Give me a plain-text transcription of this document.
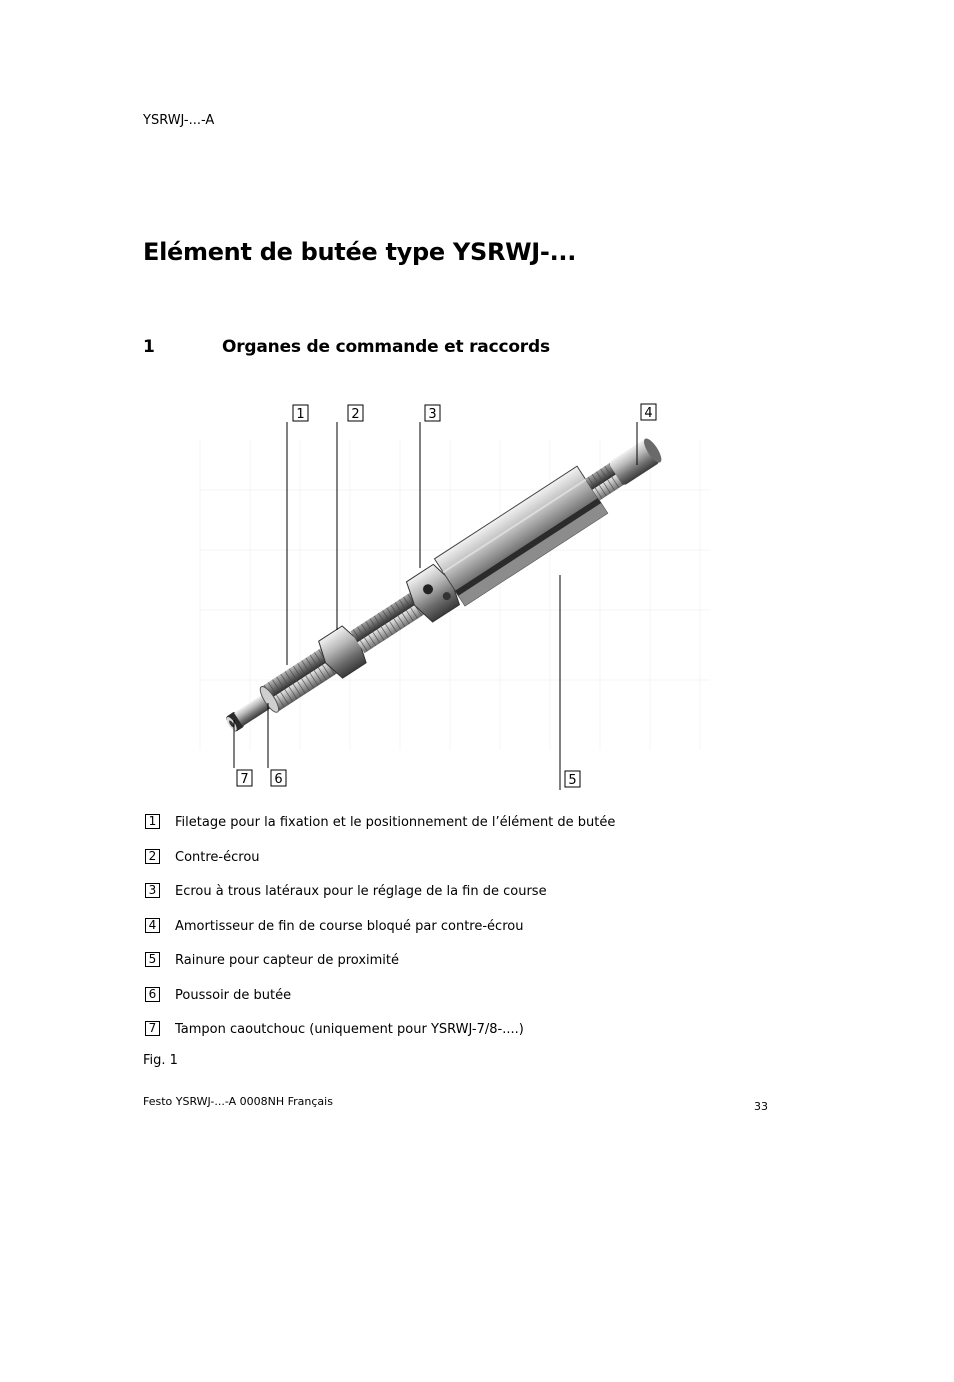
YSRWJ-...-A
Elément de butée type YSRWJ-...
1	Organes de commande et raccords
1	2	3	4
5
6
7
1 Filetage pour la fixation et le positionnement de l’élément de butée
2 Contre-écrou
3 Ecrou à trous latéraux pour le réglage de la fin de course
4 Amortisseur de fin de course bloqué par contre-écrou
5 Rainure pour capteur de proximité
6 Poussoir de butée
7 Tampon caoutchouc (uniquement pour YSRWJ-7/8-....)
Fig. 1
Festo YSRWJ-...-A 0008NH Français	33
